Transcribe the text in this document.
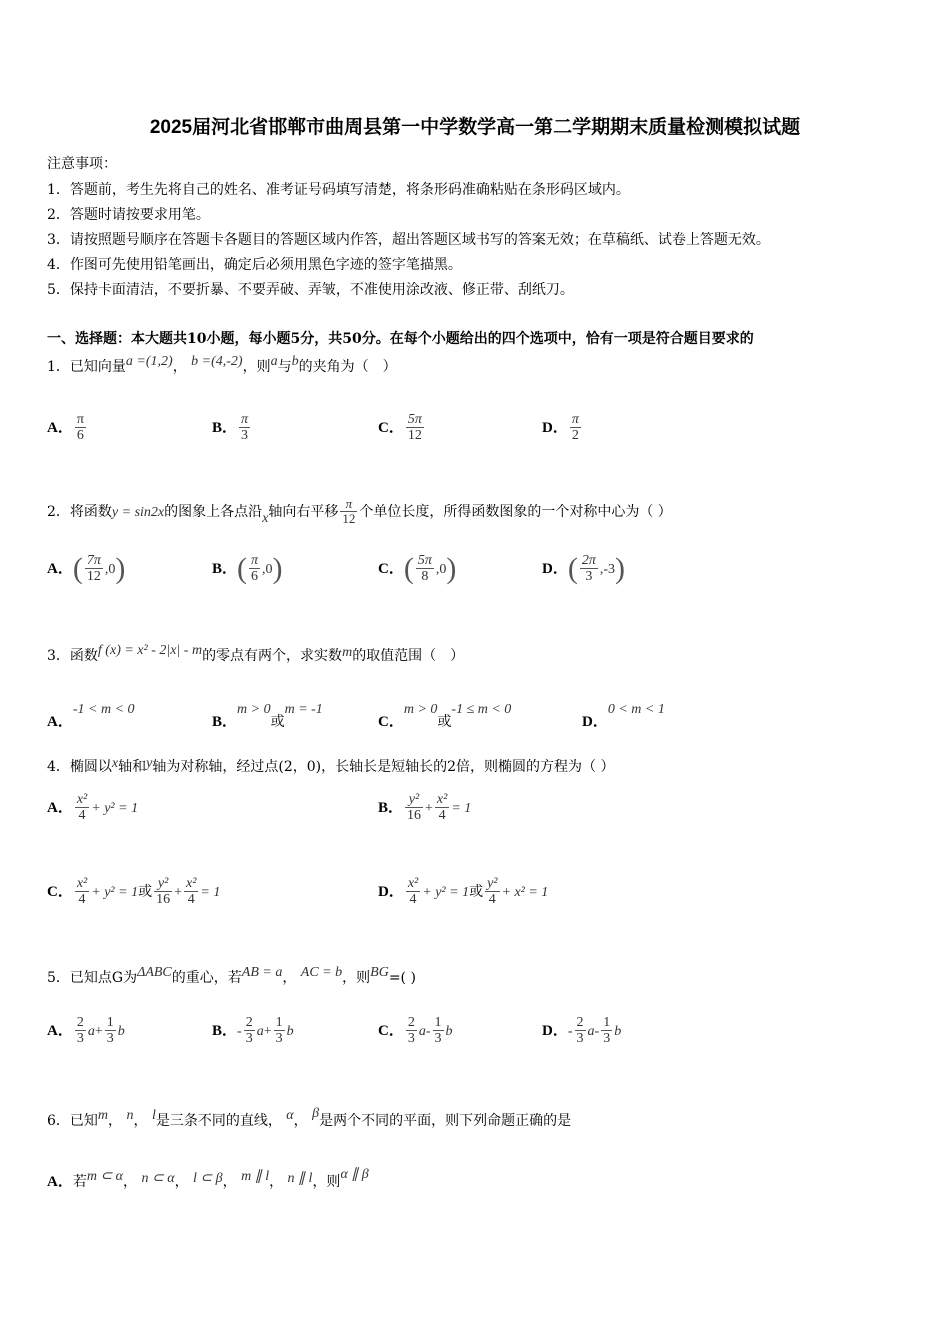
2025届河北省邯郸市曲周县第一中学数学高一第二学期期末质量检测模拟试题
注意事项：
1．答题前，考生先将自己的姓名、准考证号码填写清楚，将条形码准确粘贴在条形码区域内。
2．答题时请按要求用笔。
3．请按照题号顺序在答题卡各题目的答题区域内作答，超出答题区域书写的答案无效；在草稿纸、试卷上答题无效。
4．作图可先使用铅笔画出，确定后必须用黑色字迹的签字笔描黑。
5．保持卡面清洁，不要折暴、不要弄破、弄皱，不准使用涂改液、修正带、刮纸刀。
一、选择题：本大题共10小题，每小题5分，共50分。在每个小题给出的四个选项中，恰有一项是符合题目要求的
1．已知向量a =(1,2)， b =(4,-2)，则a与b的夹角为（　）
A． $\frac{\pi}{6}$	B． $\frac{\pi}{3}$	C． $\frac{5\pi}{12}$	D． $\frac{\pi}{2}$
2．将函数y = sin2x的图象上各点沿x轴向右平移 $\frac{\pi}{12}$ 个单位长度，所得函数图象的一个对称中心为（ ）
A．( $\frac{7\pi}{12} ,0$)	B．( $\frac{\pi}{6} ,0$)	C．( $\frac{5\pi}{8} ,0$)	D．( $\frac{2\pi}{3} ,-3$)
3．函数f (x) = x² - 2|x| - m的零点有两个，求实数m的取值范围（　）
A．-1 < m < 0
B．m > 0或m = -1
C．m > 0或-1 ≤ m < 0
D．0 < m < 1
4．椭圆以x轴和y轴为对称轴，经过点(2，0)，长轴长是短轴长的2倍，则椭圆的方程为（ ）
A． $\frac{\text{x²}}{4} + y^2 = 1$	B． $\frac{\text{y²}}{16} + \frac{\text{x²}}{4} = 1$
C． $\frac{\text{x²}}{4} + y^2 = 1$或 $\frac{\text{y²}}{16} + \frac{\text{x²}}{4} = 1$	D． $\frac{\text{x²}}{4} + y^2 = 1$或 $\frac{\text{y²}}{4} + x^2 = 1$
5．已知点G为ΔABC的重心，若AB = a， AC = b，则BG=( )
A． $\frac{2}{3} a+ \frac{1}{3}$ b	B．- $\frac{2}{3} a+ \frac{1}{3}$ b	C． $\frac{2}{3} a- \frac{1}{3}$ b	D．- $\frac{2}{3} a- \frac{1}{3}$ b
6．已知m， n， l是三条不同的直线， α， β是两个不同的平面，则下列命题正确的是
A．若m ⊂ α， n ⊂ α， l ⊂ β， m ∥ l， n ∥ l，则α ∥ β
